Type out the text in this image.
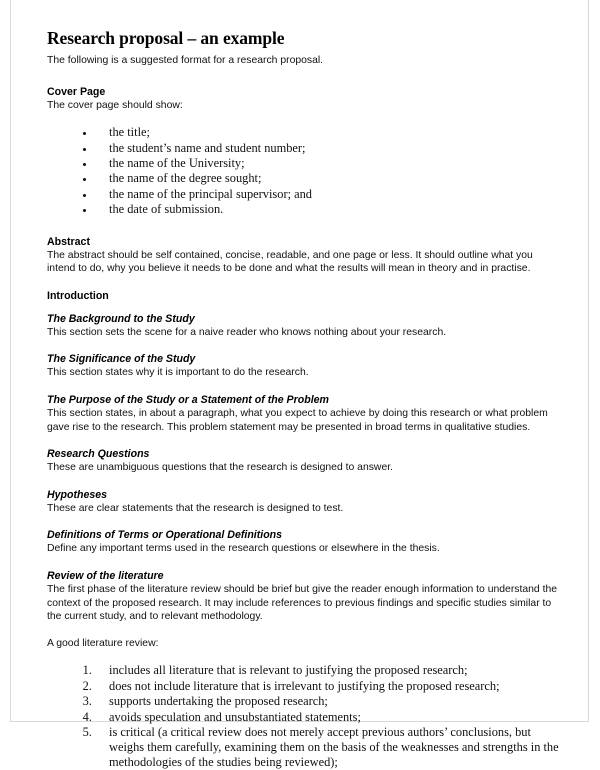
Research proposal – an example

The following is a suggested format for a research proposal.

Cover Page

The cover page should show:

• the title;
• the student’s name and student number;
• the name of the University;
• the name of the degree sought;
• the name of the principal supervisor; and
• the date of submission.
Abstract

The abstract should be self contained, concise, readable, and one page or less. It should outline what you intend to do, why you believe it needs to be done and what the results will mean in theory and in practise.

Introduction
The Background to the Study

This section sets the scene for a naive reader who knows nothing about your research.

The Significance of the Study

This section states why it is important to do the research.

The Purpose of the Study or a Statement of the Problem

This section states, in about a paragraph, what you expect to achieve by doing this research or what problem gave rise to the research. This problem statement may be presented in broad terms in qualitative studies.

Research Questions

These are unambiguous questions that the research is designed to answer.

Hypotheses

These are clear statements that the research is designed to test.

Definitions of Terms or Operational Definitions

Define any important terms used in the research questions or elsewhere in the thesis.

Review of the literature

The first phase of the literature review should be brief but give the reader enough information to understand the context of the proposed research. It may include references to previous findings and specific studies similar to the current study, and to relevant methodology.

A good literature review:

1. includes all literature that is relevant to justifying the proposed research;
2. does not include literature that is irrelevant to justifying the proposed research;
3. supports undertaking the proposed research;
4. avoids speculation and unsubstantiated statements;
5. is critical (a critical review does not merely accept previous authors’ conclusions, but weighs them carefully, examining them on the basis of the weaknesses and strengths in the methodologies of the studies being reviewed);
